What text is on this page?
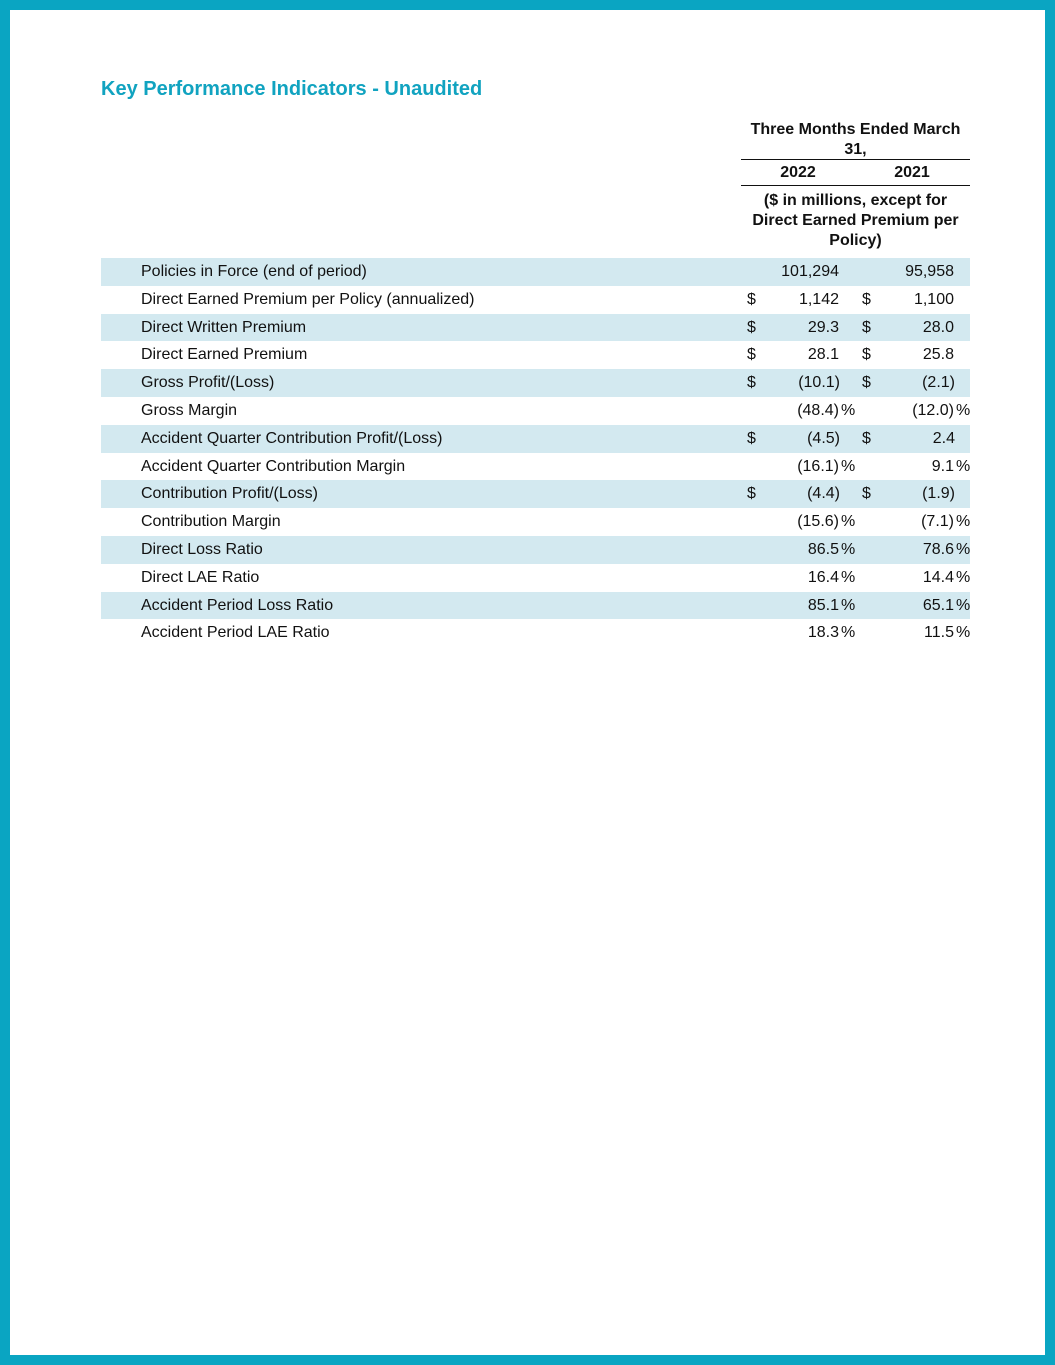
Key Performance Indicators - Unaudited
Three Months Ended March 31,
2022	2021
($ in millions, except for Direct Earned Premium per Policy)
Policies in Force (end of period)	101,294	95,958
Direct Earned Premium per Policy (annualized)	$	1,142 $	1,100
Direct Written Premium	$	29.3 $	28.0
Direct Earned Premium	$	28.1 $	25.8
Gross Profit/(Loss)	$	(10.1) $	(2.1)
Gross Margin	(48.4) %	(12.0) %
Accident Quarter Contribution Profit/(Loss)	$	(4.5) $	2.4
Accident Quarter Contribution Margin	(16.1) %	9.1 %
Contribution Profit/(Loss)	$	(4.4) $	(1.9)
Contribution Margin	(15.6) %	(7.1) %
Direct Loss Ratio	86.5 %	78.6 %
Direct LAE Ratio	16.4 %	14.4 %
Accident Period Loss Ratio	85.1 %	65.1 %
Accident Period LAE Ratio	18.3 %	11.5 %
